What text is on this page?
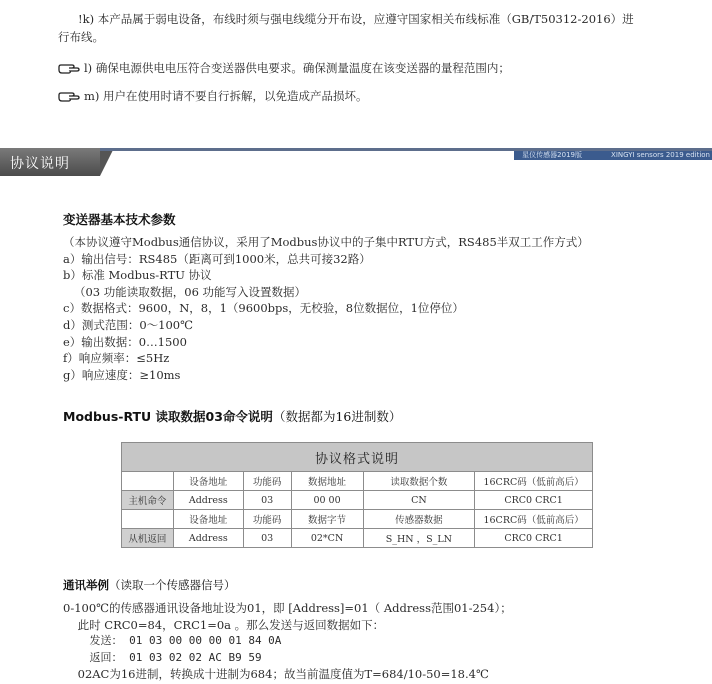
!k) 本产品属于弱电设备，布线时须与强电线缆分开布设，应遵守国家相关布线标准（GB/T50312-2016）进
行布线。
l) 确保电源供电电压符合变送器供电要求。确保测量温度在该变送器的量程范围内；
m) 用户在使用时请不要自行拆解，以免造成产品损坏。
协议说明
星仪传感器2019版	XINGYI sensors 2019 edition
变送器基本技术参数
（本协议遵守Modbus通信协议，采用了Modbus协议中的子集中RTU方式，RS485半双工工作方式）
a）输出信号：RS485（距离可到1000米，总共可接32路）
b）标准 Modbus-RTU 协议
（03 功能读取数据，06 功能写入设置数据）
c）数据格式：9600，N，8，1（9600bps，无校验，8位数据位，1位停位）
d）测式范围：0～100℃
e）输出数据：0…1500
f）响应频率：≤5Hz
g）响应速度：≥10ms
Modbus-RTU 读取数据03命令说明（数据都为16进制数）
协议格式说明					
	设备地址	功能码	数据地址	读取数据个数	16CRC码（低前高后）
主机命令	Address	03	00 00	CN	CRC0 CRC1
	设备地址	功能码	数据字节	传感器数据	16CRC码（低前高后）
从机返回	Address	03	02*CN	S_HN ，S_LN	CRC0 CRC1
通讯举例（读取一个传感器信号）
0-100℃的传感器通讯设备地址设为01，即 [Address]=01（ Address范围01-254）；
此时 CRC0=84，CRC1=0a 。那么发送与返回数据如下：
发送： 01 03 00 00 00 01 84 0A
返回： 01 03 02 02 AC B9 59
02AC为16进制，转换成十进制为684；故当前温度值为T=684/10-50=18.4℃
